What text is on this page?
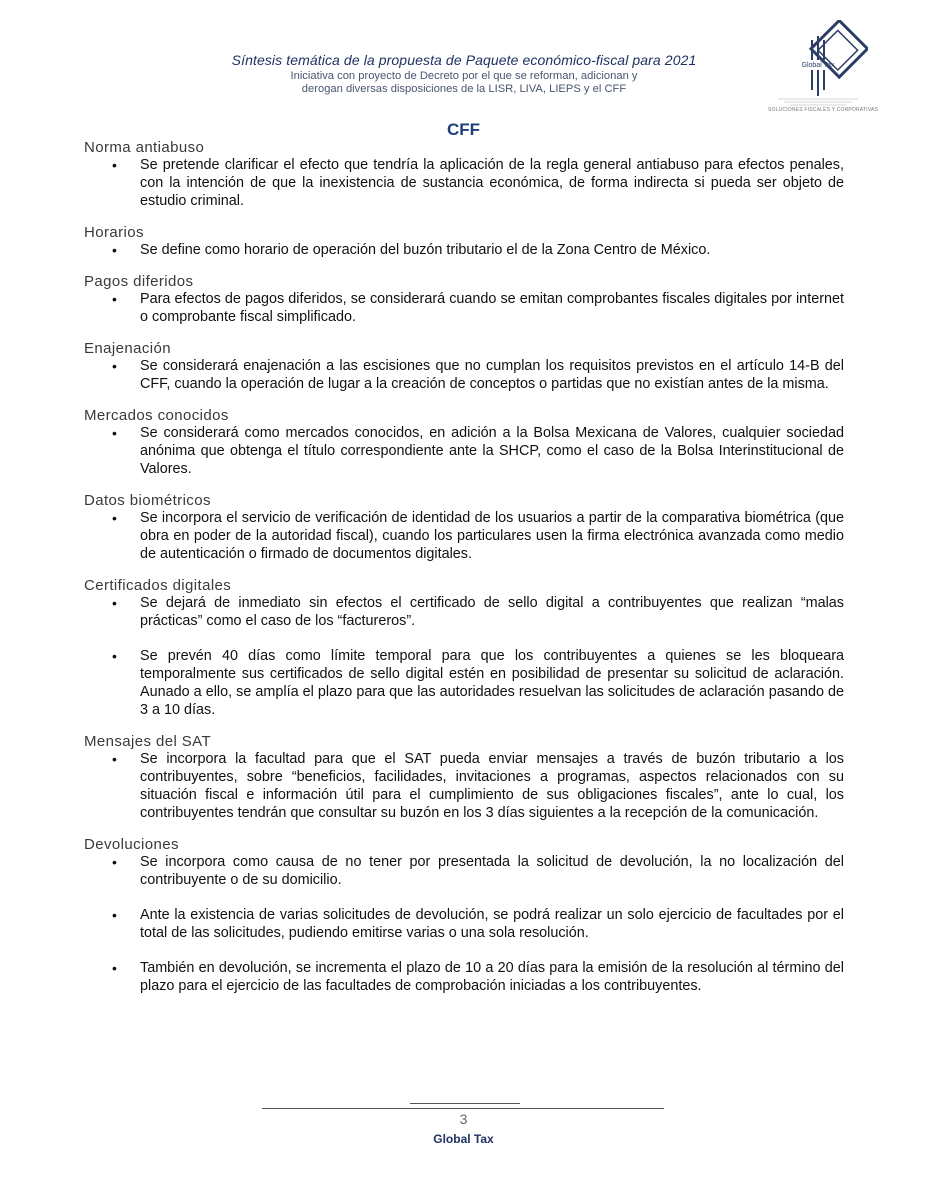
Síntesis temática de la propuesta de Paquete económico-fiscal para 2021
Iniciativa con proyecto de Decreto por el que se reforman, adicionan y
derogan diversas disposiciones de la LISR, LIVA, LIEPS y el CFF
Global Tax
SOLUCIONES FISCALES Y CORPORATIVAS
CFF
Norma antiabuso
• Se pretende clarificar el efecto que tendría la aplicación de la regla general antiabuso para efectos penales, con la intención de que la inexistencia de sustancia económica, de forma indirecta si pueda ser objeto de estudio criminal.
Horarios
• Se define como horario de operación del buzón tributario el de la Zona Centro de México.
Pagos diferidos
• Para efectos de pagos diferidos, se considerará cuando se emitan comprobantes fiscales digitales por internet o comprobante fiscal simplificado.
Enajenación
• Se considerará enajenación a las escisiones que no cumplan los requisitos previstos en el artículo 14-B del CFF, cuando la operación de lugar a la creación de conceptos o partidas que no existían antes de la misma.
Mercados conocidos
• Se considerará como mercados conocidos, en adición a la Bolsa Mexicana de Valores, cualquier sociedad anónima que obtenga el título correspondiente ante la SHCP, como el caso de la Bolsa Interinstitucional de Valores.
Datos biométricos
• Se incorpora el servicio de verificación de identidad de los usuarios a partir de la comparativa biométrica (que obra en poder de la autoridad fiscal), cuando los particulares usen la firma electrónica avanzada como medio de autenticación o firmado de documentos digitales.
Certificados digitales
• Se dejará de inmediato sin efectos el certificado de sello digital a contribuyentes que realizan “malas prácticas” como el caso de los “factureros”.
• Se prevén 40 días como límite temporal para que los contribuyentes a quienes se les bloqueara temporalmente sus certificados de sello digital estén en posibilidad de presentar su solicitud de aclaración. Aunado a ello, se amplía el plazo para que las autoridades resuelvan las solicitudes de aclaración pasando de 3 a 10 días.
Mensajes del SAT
• Se incorpora la facultad para que el SAT pueda enviar mensajes a través de buzón tributario a los contribuyentes, sobre “beneficios, facilidades, invitaciones a programas, aspectos relacionados con su situación fiscal e información útil para el cumplimiento de sus obligaciones fiscales”, ante lo cual, los contribuyentes tendrán que consultar su buzón en los 3 días siguientes a la recepción de la comunicación.
Devoluciones
• Se incorpora como causa de no tener por presentada la solicitud de devolución, la no localización del contribuyente o de su domicilio.
• Ante la existencia de varias solicitudes de devolución, se podrá realizar un solo ejercicio de facultades por el total de las solicitudes, pudiendo emitirse varias o una sola resolución.
• También en devolución, se incrementa el plazo de 10 a 20 días para la emisión de la resolución al término del plazo para el ejercicio de las facultades de comprobación iniciadas a los contribuyentes.
3
Global Tax
